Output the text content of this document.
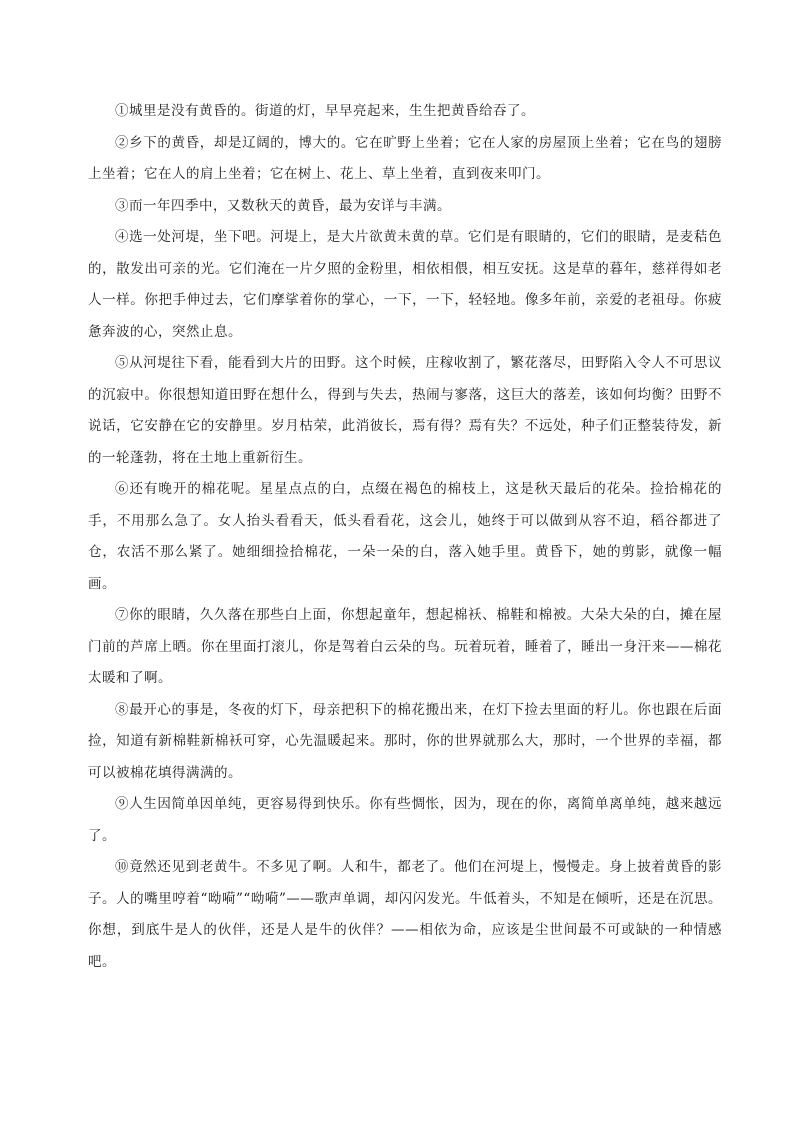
①城里是没有黄昏的。街道的灯，早早亮起来，生生把黄昏给吞了。

②乡下的黄昏，却是辽阔的，博大的。它在旷野上坐着；它在人家的房屋顶上坐着；它在鸟的翅膀上坐着；它在人的肩上坐着；它在树上、花上、草上坐着，直到夜来叩门。

③而一年四季中，又数秋天的黄昏，最为安详与丰满。

④选一处河堤，坐下吧。河堤上，是大片欲黄未黄的草。它们是有眼睛的，它们的眼睛，是麦秸色的，散发出可亲的光。它们淹在一片夕照的金粉里，相依相偎，相互安抚。这是草的暮年，慈祥得如老人一样。你把手伸过去，它们摩挲着你的掌心，一下，一下，轻轻地。像多年前，亲爱的老祖母。你疲惫奔波的心，突然止息。

⑤从河堤往下看，能看到大片的田野。这个时候，庄稼收割了，繁花落尽，田野陷入令人不可思议的沉寂中。你很想知道田野在想什么，得到与失去，热闹与寥落，这巨大的落差，该如何均衡？田野不说话，它安静在它的安静里。岁月枯荣，此消彼长，焉有得？焉有失？不远处，种子们正整装待发，新的一轮蓬勃，将在土地上重新衍生。

⑥还有晚开的棉花呢。星星点点的白，点缀在褐色的棉枝上，这是秋天最后的花朵。捡拾棉花的手，不用那么急了。女人抬头看看天，低头看看花，这会儿，她终于可以做到从容不迫，稻谷都进了仓，农活不那么紧了。她细细捡拾棉花，一朵一朵的白，落入她手里。黄昏下，她的剪影，就像一幅画。

⑦你的眼睛，久久落在那些白上面，你想起童年，想起棉袄、棉鞋和棉被。大朵大朵的白，摊在屋门前的芦席上晒。你在里面打滚儿，你是驾着白云朵的鸟。玩着玩着，睡着了，睡出一身汗来——棉花太暖和了啊。

⑧最开心的事是，冬夜的灯下，母亲把积下的棉花搬出来，在灯下捡去里面的籽儿。你也跟在后面捡，知道有新棉鞋新棉袄可穿，心先温暖起来。那时，你的世界就那么大，那时，一个世界的幸福，都可以被棉花填得满满的。

⑨人生因简单因单纯，更容易得到快乐。你有些惆怅，因为，现在的你，离简单离单纯，越来越远了。

⑩竟然还见到老黄牛。不多见了啊。人和牛，都老了。他们在河堤上，慢慢走。身上披着黄昏的影子。人的嘴里哼着“呦嗬”“呦嗬”——歌声单调，却闪闪发光。牛低着头，不知是在倾听，还是在沉思。你想，到底牛是人的伙伴，还是人是牛的伙伴？——相依为命，应该是尘世间最不可或缺的一种情感吧。
